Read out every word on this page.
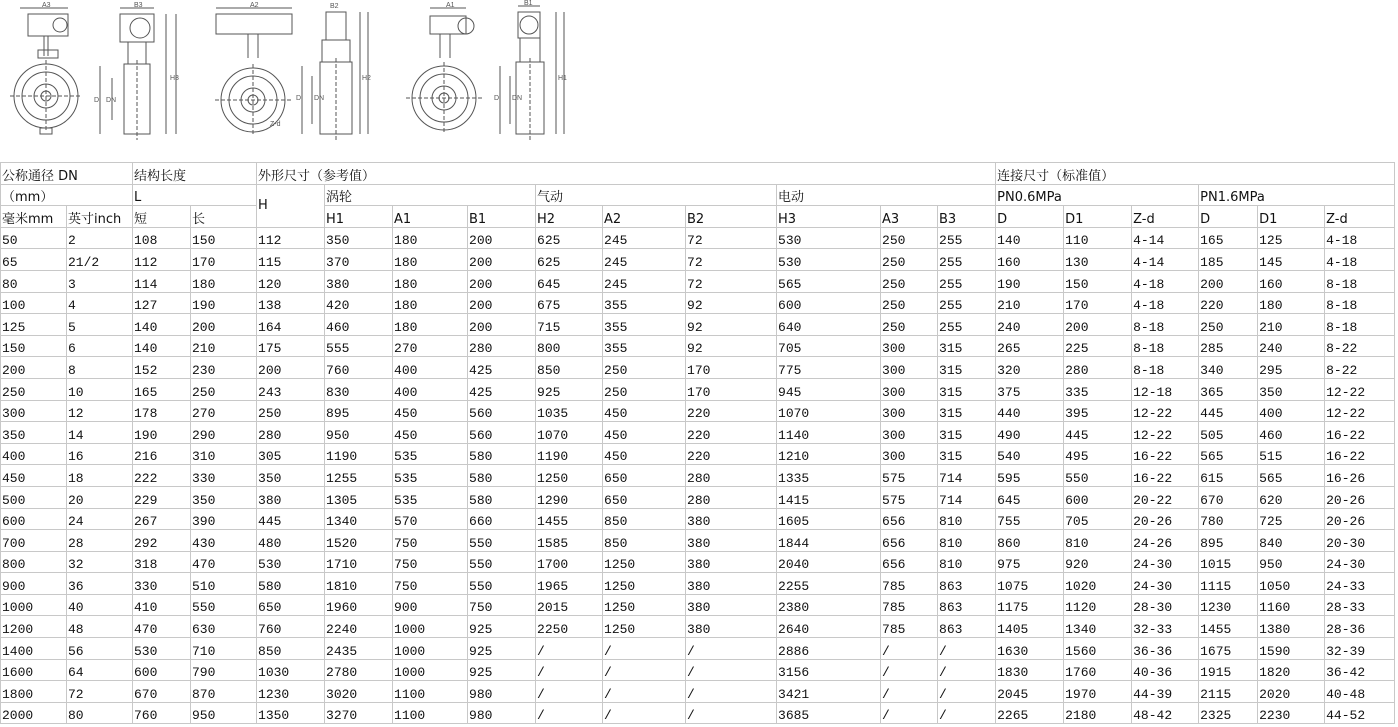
A3	B3
D DN
H3
A2
Z-d
B2
D DN
H2
A1	B1
D DN
H1
公称通径 DN		结构长度		外形尺寸（参考值）										连接尺寸（标准值）					
（mm）		L		H	涡轮			气动			电动			PN0.6MPa			PN1.6MPa		
毫米mm	英寸inch	短	长		H1	A1	B1	H2	A2	B2	H3	A3	B3	D	D1	Z-d	D	D1	Z-d
50	2	108	150	112	350	180	200	625	245	72	530	250	255	140	110	4-14	165	125	4-18
65	21/2	112	170	115	370	180	200	625	245	72	530	250	255	160	130	4-14	185	145	4-18
80	3	114	180	120	380	180	200	645	245	72	565	250	255	190	150	4-18	200	160	8-18
100	4	127	190	138	420	180	200	675	355	92	600	250	255	210	170	4-18	220	180	8-18
125	5	140	200	164	460	180	200	715	355	92	640	250	255	240	200	8-18	250	210	8-18
150	6	140	210	175	555	270	280	800	355	92	705	300	315	265	225	8-18	285	240	8-22
200	8	152	230	200	760	400	425	850	250	170	775	300	315	320	280	8-18	340	295	8-22
250	10	165	250	243	830	400	425	925	250	170	945	300	315	375	335	12-18	365	350	12-22
300	12	178	270	250	895	450	560	1035	450	220	1070	300	315	440	395	12-22	445	400	12-22
350	14	190	290	280	950	450	560	1070	450	220	1140	300	315	490	445	12-22	505	460	16-22
400	16	216	310	305	1190	535	580	1190	450	220	1210	300	315	540	495	16-22	565	515	16-22
450	18	222	330	350	1255	535	580	1250	650	280	1335	575	714	595	550	16-22	615	565	16-26
500	20	229	350	380	1305	535	580	1290	650	280	1415	575	714	645	600	20-22	670	620	20-26
600	24	267	390	445	1340	570	660	1455	850	380	1605	656	810	755	705	20-26	780	725	20-26
700	28	292	430	480	1520	750	550	1585	850	380	1844	656	810	860	810	24-26	895	840	20-30
800	32	318	470	530	1710	750	550	1700	1250	380	2040	656	810	975	920	24-30	1015	950	24-30
900	36	330	510	580	1810	750	550	1965	1250	380	2255	785	863	1075	1020	24-30	1115	1050	24-33
1000	40	410	550	650	1960	900	750	2015	1250	380	2380	785	863	1175	1120	28-30	1230	1160	28-33
1200	48	470	630	760	2240	1000	925	2250	1250	380	2640	785	863	1405	1340	32-33	1455	1380	28-36
1400	56	530	710	850	2435	1000	925	/	/	/	2886	/	/	1630	1560	36-36	1675	1590	32-39
1600	64	600	790	1030	2780	1000	925	/	/	/	3156	/	/	1830	1760	40-36	1915	1820	36-42
1800	72	670	870	1230	3020	1100	980	/	/	/	3421	/	/	2045	1970	44-39	2115	2020	40-48
2000	80	760	950	1350	3270	1100	980	/	/	/	3685	/	/	2265	2180	48-42	2325	2230	44-52
